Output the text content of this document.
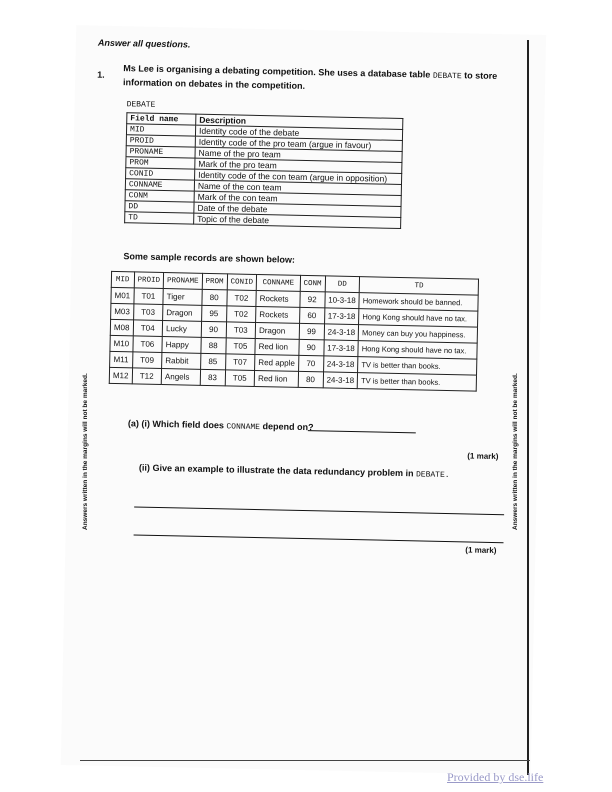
Answer all questions.
1. Ms Lee is organising a debating competition. She uses a database table DEBATE to store information on debates in the competition.
DEBATE
Field name	Description
MID	Identity code of the debate
PROID	Identity code of the pro team (argue in favour)
PRONAME	Name of the pro team
PROM	Mark of the pro team
CONID	Identity code of the con team (argue in opposition)
CONNAME	Name of the con team
CONM	Mark of the con team
DD	Date of the debate
TD	Topic of the debate
Some sample records are shown below:
MID	PROID	PRONAME	PROM	CONID	CONNAME	CONM	DD	TD
M01	T01	Tiger	80	T02	Rockets	92	10-3-18	Homework should be banned.
M03	T03	Dragon	95	T02	Rockets	60	17-3-18	Hong Kong should have no tax.
M08	T04	Lucky	90	T03	Dragon	99	24-3-18	Money can buy you happiness.
M10	T06	Happy	88	T05	Red lion	90	17-3-18	Hong Kong should have no tax.
M11	T09	Rabbit	85	T07	Red apple	70	24-3-18	TV is better than books.
M12	T12	Angels	83	T05	Red lion	80	24-3-18	TV is better than books.
(a) (i) Which field does CONNAME depend on?
(1 mark)
(ii) Give an example to illustrate the data redundancy problem in DEBATE.
(1 mark)
Answers written in the margins will not be marked.	Answers written in the margins will not be marked.
Provided by dse.life
